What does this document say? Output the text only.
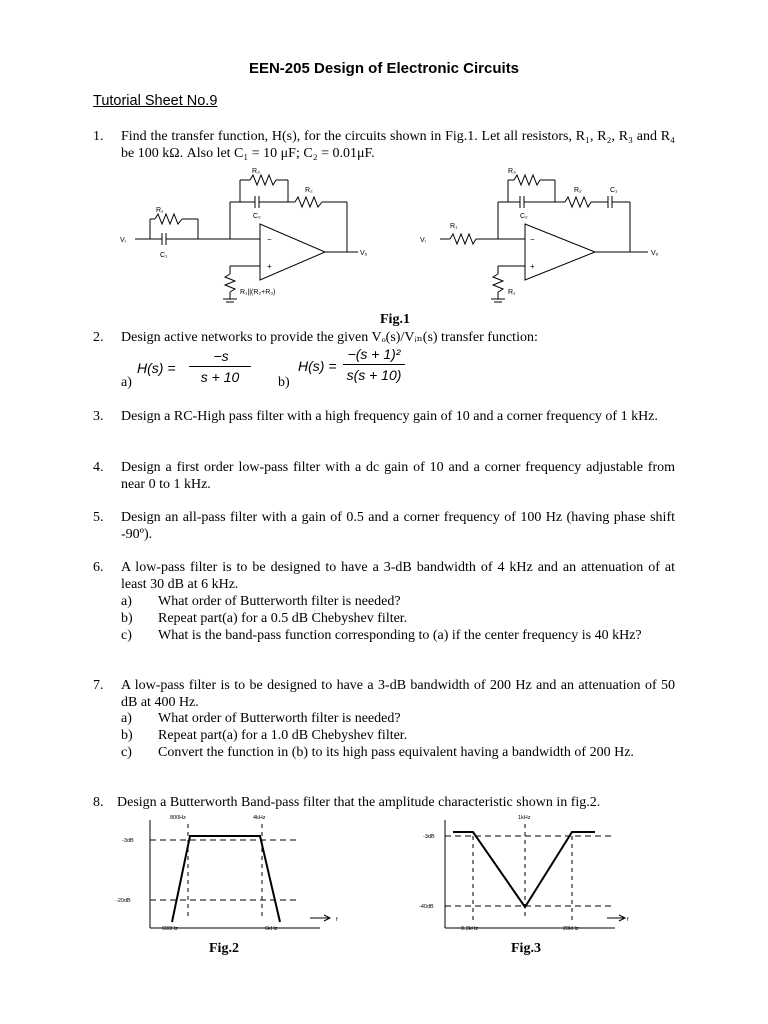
EEN-205 Design of Electronic Circuits
Tutorial Sheet No.9
1. Find the transfer function, H(s), for the circuits shown in Fig.1. Let all resistors, R₁, R₂, R₃ and R₄ be 100 kΩ. Also let C₁ = 10 μF; C₂ = 0.01μF.
R₁
C₁
R₃
C₂
R₂
Vᵢ
Vₒ
R₁||(R₂+R₃)
−
+
R₃
C₂
R₂	C₁
R₁
Vᵢ
Vₒ
R₁
−
+
Fig.1
2. Design active networks to provide the given Vₒ(s)/Vᵢₙ(s) transfer function:
a)
H(s) =
−s
s + 10	b)
H(s) =
−(s + 1)²
s(s + 10)
3. Design a RC-High pass filter with a high frequency gain of 10 and a corner frequency of 1 kHz.
4. Design a first order low-pass filter with a dc gain of 10 and a corner frequency adjustable from near 0 to 1 kHz.
5. Design an all-pass filter with a gain of 0.5 and a corner frequency of 100 Hz (having phase shift -90º).
6. A low-pass filter is to be designed to have a 3-dB bandwidth of 4 kHz and an attenuation of at least 30 dB at 6 kHz.
a) What order of Butterworth filter is needed?
b) Repeat part(a) for a 0.5 dB Chebyshev filter.
c) What is the band-pass function corresponding to (a) if the center frequency is 40 kHz?
7. A low-pass filter is to be designed to have a 3-dB bandwidth of 200 Hz and an attenuation of 50 dB at 400 Hz.
a) What order of Butterworth filter is needed?
b) Repeat part(a) for a 1.0 dB Chebyshev filter.
c) Convert the function in (b) to its high pass equivalent having a bandwidth of 200 Hz.
8. Design a Butterworth Band-pass filter that the amplitude characteristic shown in fig.2.
800Hz	4kHz
-3dB
-20dB
600Hz	6kHz
f
Fig.2
1kHz
-3dB
-40dB
0.3kHz	20kHz
f
Fig.3
